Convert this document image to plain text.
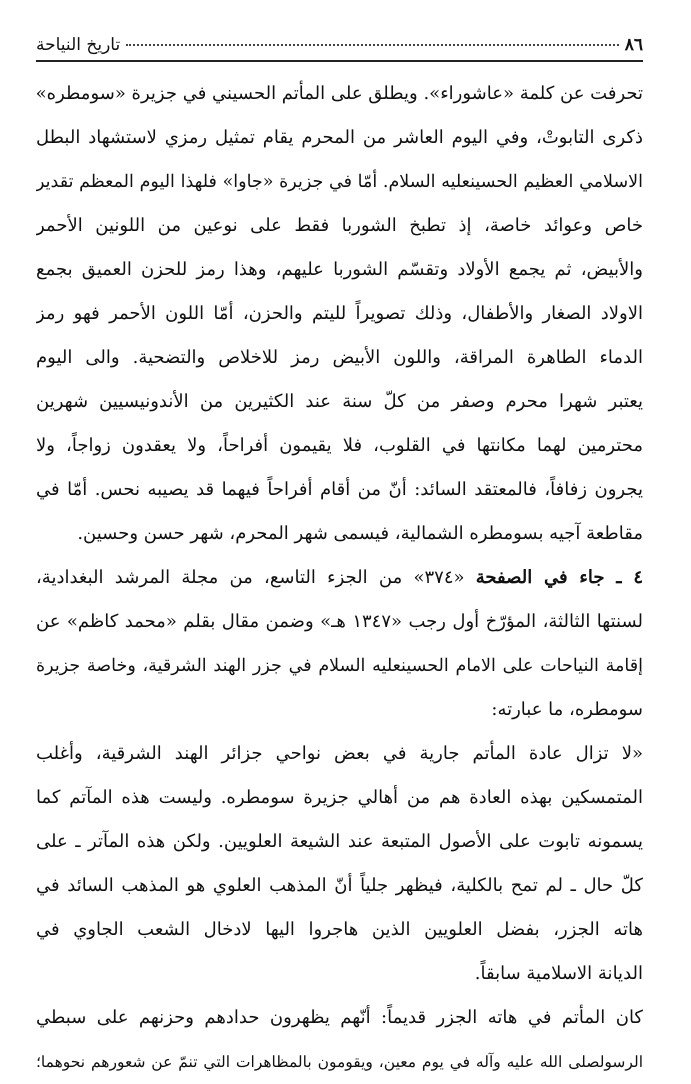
٨٦
تاريخ النياحة
تحرفت عن كلمة «عاشوراء». ويطلق على المأتم الحسيني في جزيرة «سومطره»
ذكرى التابوتْ، وفي اليوم العاشر من المحرم يقام تمثيل رمزي لاستشهاد البطل
الاسلامي العظيم الحسينعليه السلام. أمّا في جزيرة «جاوا» فلهذا اليوم المعظم تقدير
خاص وعوائد خاصة، إذ تطبخ الشوربا فقط على نوعين من اللونين الأحمر
والأبيض، ثم يجمع الأولاد وتقسّم الشوربا عليهم، وهذا رمز للحزن العميق بجمع
الاولاد الصغار والأطفال، وذلك تصويراً لليتم والحزن، أمّا اللون الأحمر فهو رمز
الدماء الطاهرة المراقة، واللون الأبيض رمز للاخلاص والتضحية. والى اليوم
يعتبر شهرا محرم وصفر من كلّ سنة عند الكثيرين من الأندونيسيين شهرين
محترمين لهما مكانتها في القلوب، فلا يقيمون أفراحاً، ولا يعقدون زواجاً، ولا
يجرون زفافاً، فالمعتقد السائد: أنّ من أقام أفراحاً فيهما قد يصيبه نحس. أمّا في
مقاطعة آجيه بسومطره الشمالية، فيسمى شهر المحرم، شهر حسن وحسين.
٤ ـ جاء في الصفحة «٣٧٤» من الجزء التاسع، من مجلة المرشد البغدادية،
لسنتها الثالثة، المؤرّخ أول رجب «١٣٤٧ هـ» وضمن مقال بقلم «محمد كاظم» عن
إقامة النياحات على الامام الحسينعليه السلام في جزر الهند الشرقية، وخاصة جزيرة
سومطره، ما عبارته:
«لا تزال عادة المأتم جارية في بعض نواحي جزائر الهند الشرقية، وأغلب
المتمسكين بهذه العادة هم من أهالي جزيرة سومطره. وليست هذه المآتم كما
يسمونه تابوت على الأصول المتبعة عند الشيعة العلويين. ولكن هذه المآتر ـ على
كلّ حال ـ لم تمح بالكلية، فيظهر جلياً أنّ المذهب العلوي هو المذهب السائد في
هاته الجزر، بفضل العلويين الذين هاجروا اليها لادخال الشعب الجاوي في
الديانة الاسلامية سابقاً.
كان المأتم في هاته الجزر قديماً: أنّهم يظهرون حدادهم وحزنهم على سبطي
الرسولصلى الله عليه وآله في يوم معين، ويقومون بالمظاهرات التي تنمّ عن شعورهم نحوهما؛
